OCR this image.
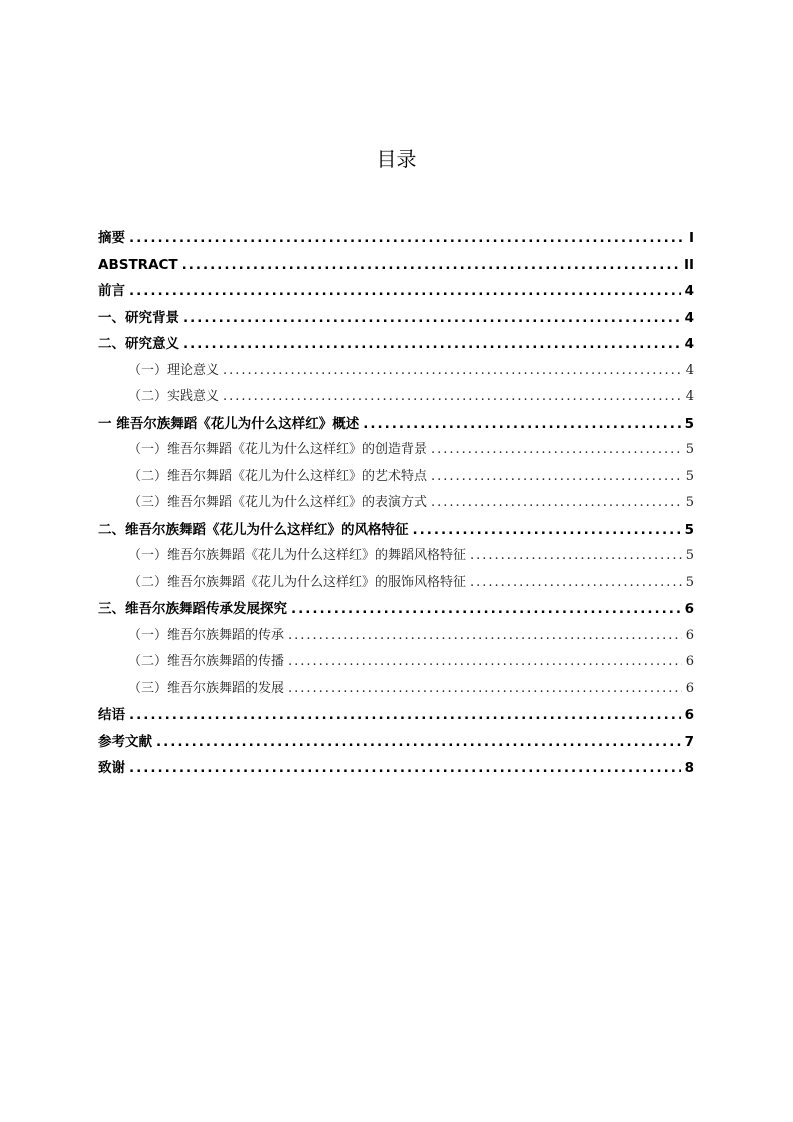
目录
摘要 .....	I
ABSTRACT .....	II
前言 .....	4
一、研究背景 .....	4
二、研究意义 .....	4
（一）理论意义 .....	4
（二）实践意义 .....	4
一 维吾尔族舞蹈《花儿为什么这样红》概述 .....	5
（一）维吾尔舞蹈《花儿为什么这样红》的创造背景 .....	5
（二）维吾尔舞蹈《花儿为什么这样红》的艺术特点 .....	5
（三）维吾尔舞蹈《花儿为什么这样红》的表演方式 .....	5
二、维吾尔族舞蹈《花儿为什么这样红》的风格特征 .....	5
（一）维吾尔族舞蹈《花儿为什么这样红》的舞蹈风格特征 .....	5
（二）维吾尔族舞蹈《花儿为什么这样红》的服饰风格特征 .....	5
三、维吾尔族舞蹈传承发展探究 .....	6
（一）维吾尔族舞蹈的传承 .....	6
（二）维吾尔族舞蹈的传播 .....	6
（三）维吾尔族舞蹈的发展 .....	6
结语 .....	6
参考文献 .....	7
致谢 .....	8
